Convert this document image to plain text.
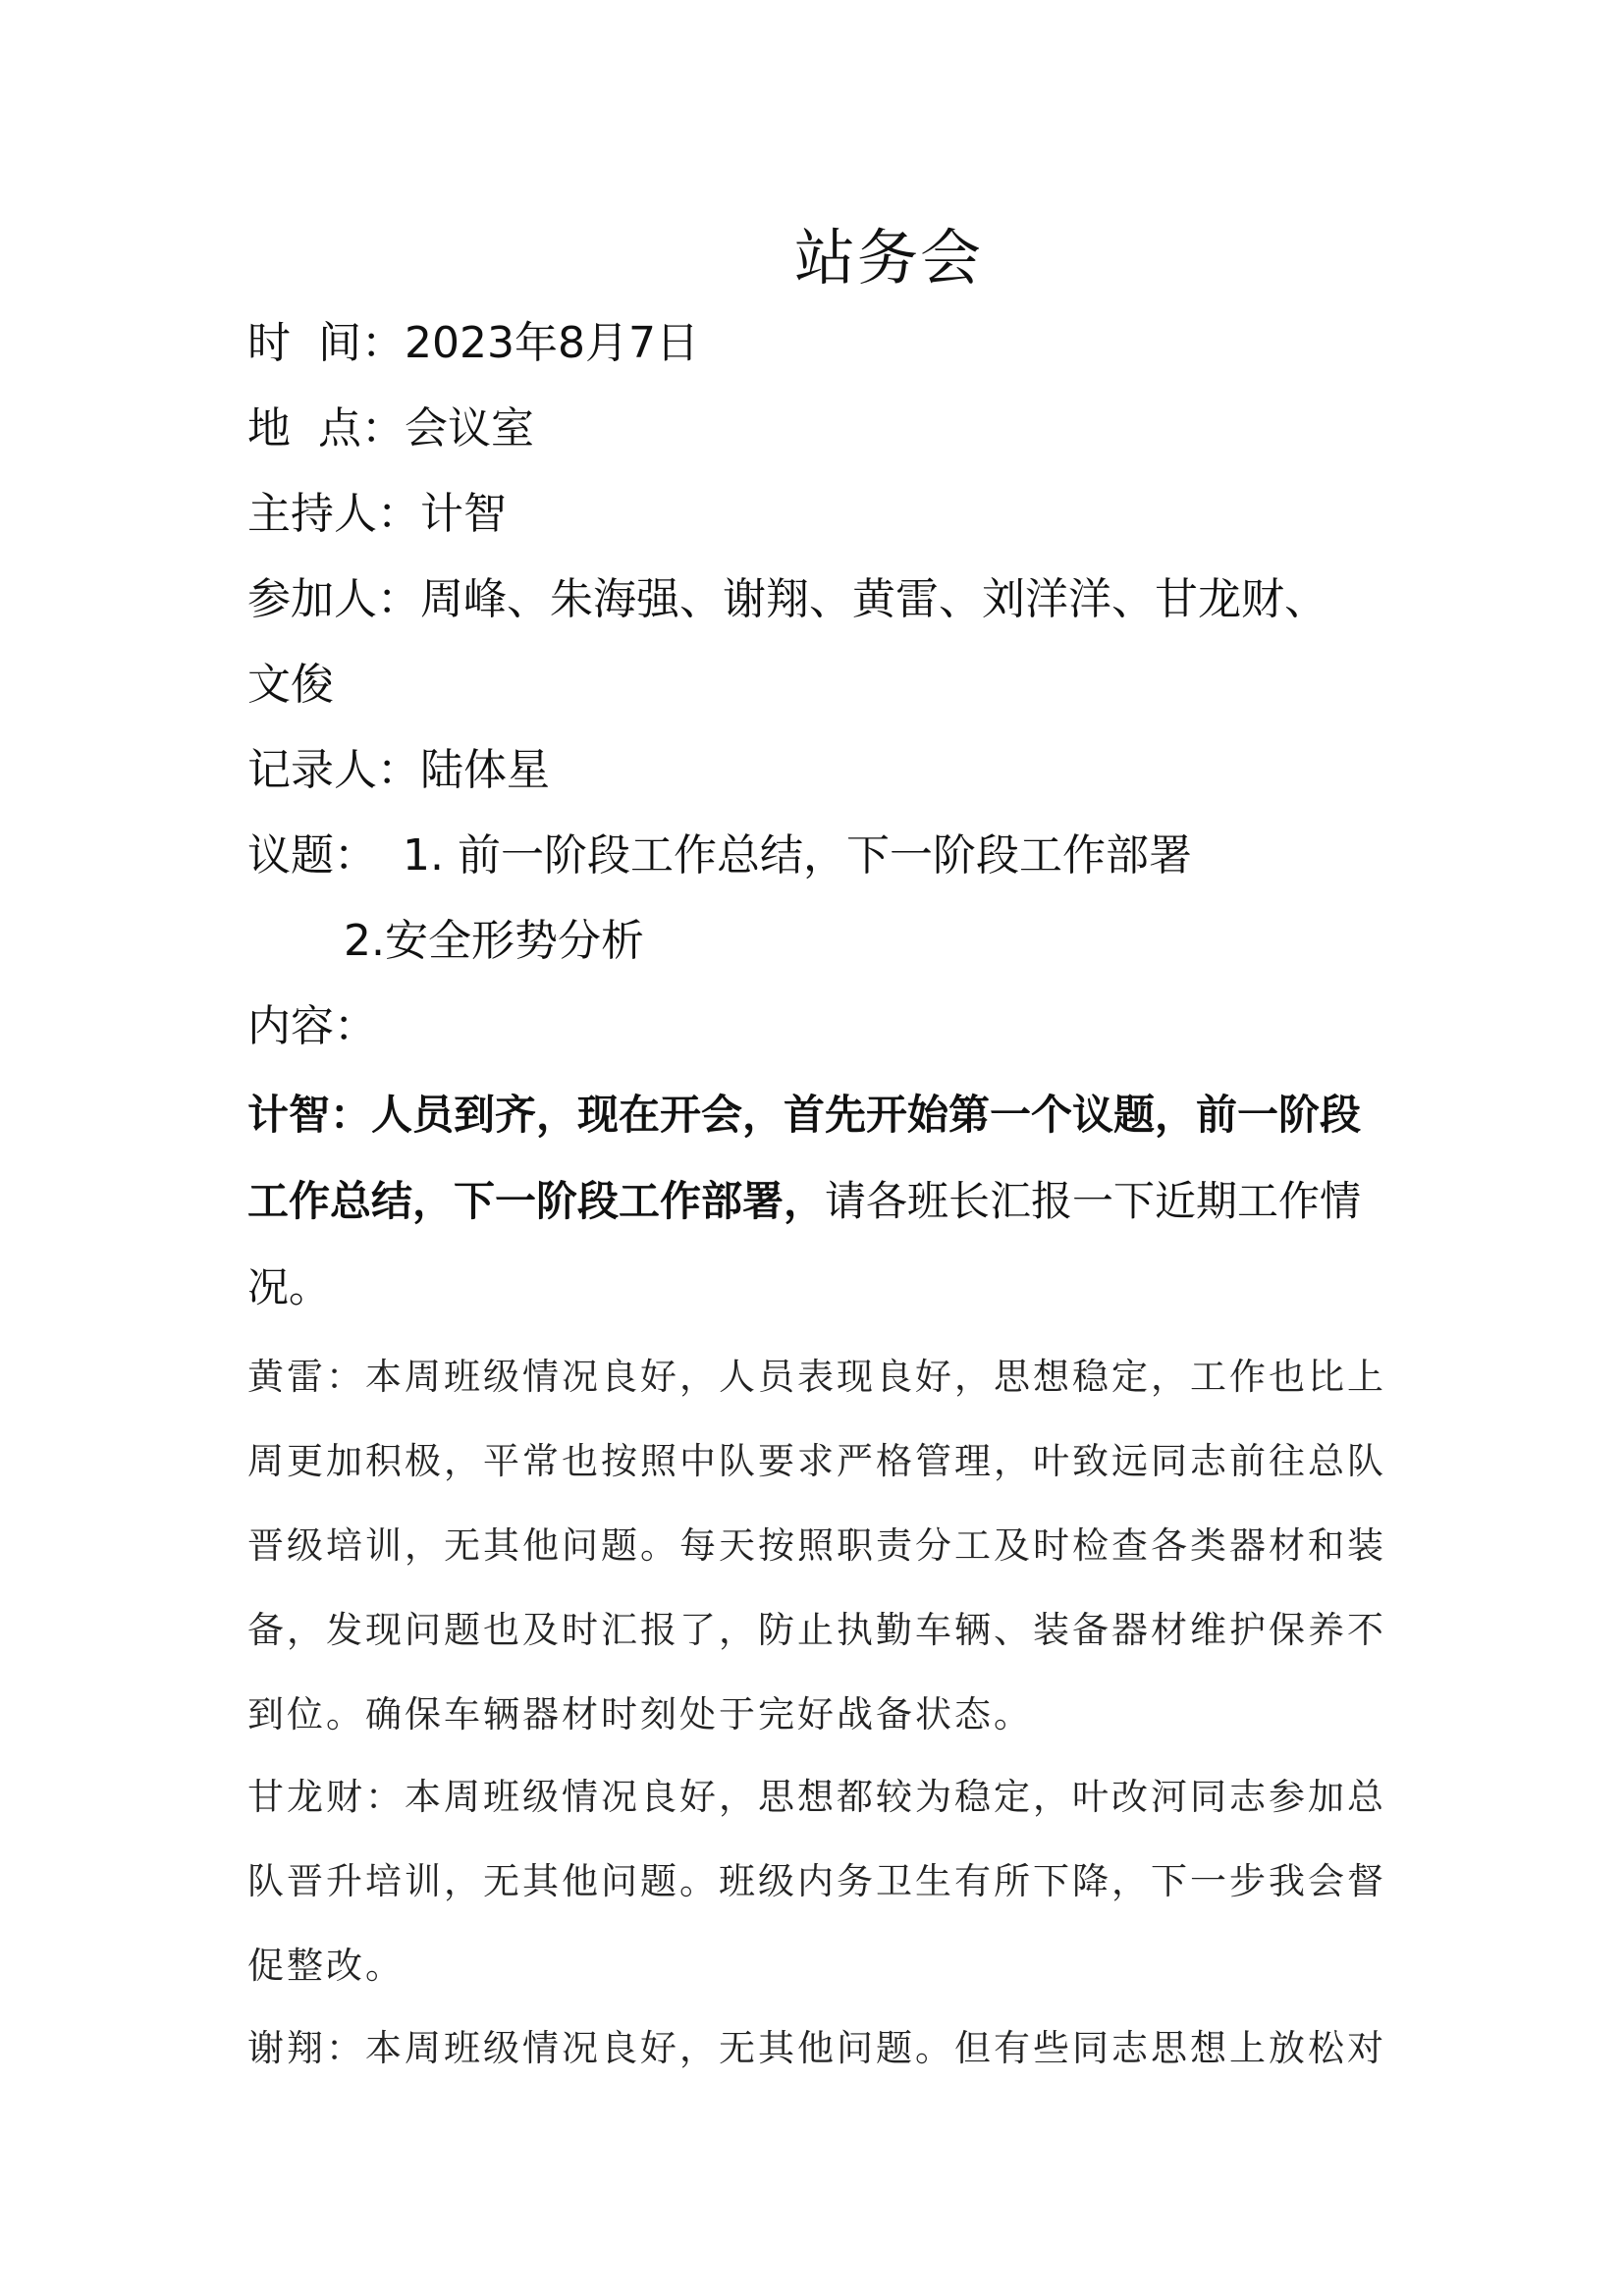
站务会
时  间：2023年8月7日
地  点：会议室
主持人：计智
参加人：周峰、朱海强、谢翔、黄雷、刘洋洋、甘龙财、
文俊
记录人：陆体星
议题： 1. 前一阶段工作总结，下一阶段工作部署
2.安全形势分析
内容：
计智：人员到齐，现在开会，首先开始第一个议题，前一阶段工作总结，下一阶段工作部署，请各班长汇报一下近期工作情况。
黄雷：本周班级情况良好，人员表现良好，思想稳定，工作也比上周更加积极，平常也按照中队要求严格管理，叶致远同志前往总队晋级培训，无其他问题。每天按照职责分工及时检查各类器材和装备，发现问题也及时汇报了，防止执勤车辆、装备器材维护保养不到位。确保车辆器材时刻处于完好战备状态。
甘龙财：本周班级情况良好，思想都较为稳定，叶改河同志参加总队晋升培训，无其他问题。班级内务卫生有所下降，下一步我会督促整改。
谢翔：本周班级情况良好，无其他问题。但有些同志思想上放松对
